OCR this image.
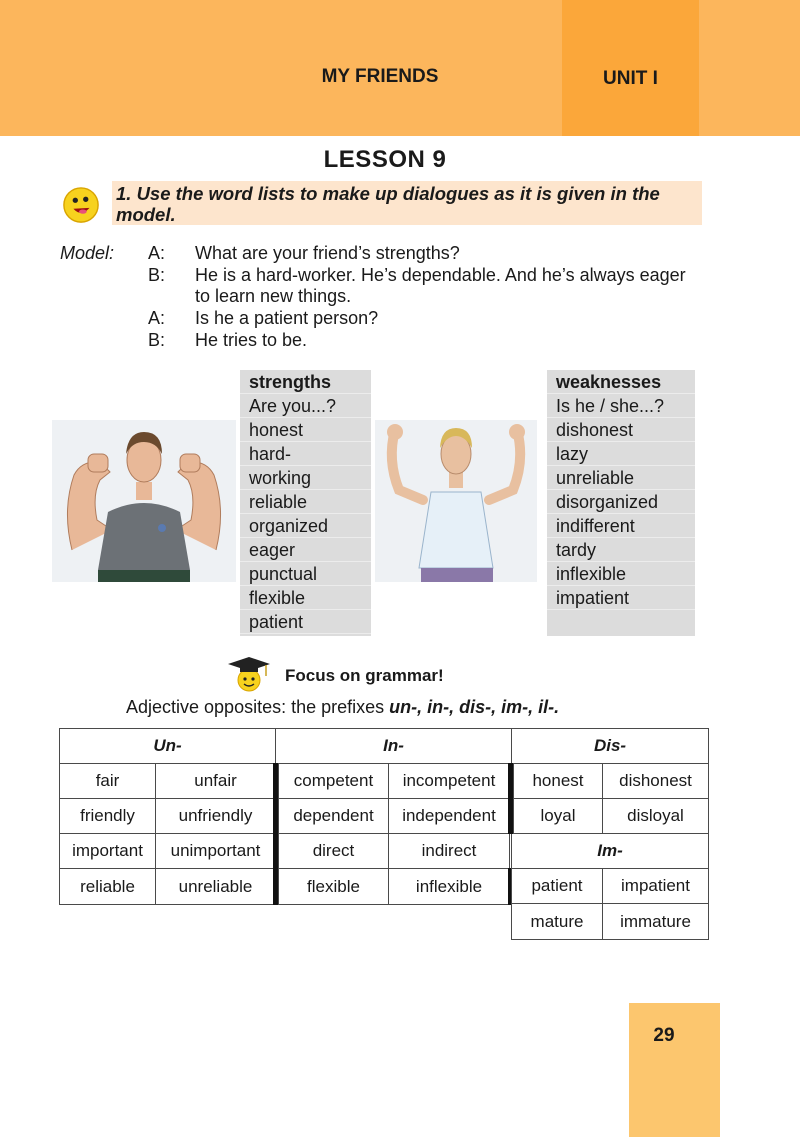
MY FRIENDS	UNIT I
LESSON 9
1. Use the word lists to make up dialogues as it is given in the model.
Model: A:	What are your friend’s strengths?
B:	He is a hard-worker. He’s dependable. And he’s always eager to learn new things.
A:	Is he a patient person?
B:	He tries to be.
strengths
Are you...?
honest
hard-
working
reliable
organized
eager
punctual
flexible
patient
weaknesses
Is he / she...?
dishonest
lazy
unreliable
disorganized
indifferent
tardy
inflexible
impatient
Focus on grammar!
Adjective opposites: the prefixes un-, in-, dis-, im-, il-.
Un-
fair	unfair
friendly	unfriendly
important	unimportant
reliable	unreliable
In-
competent	incompetent
dependent	independent
direct	indirect
flexible	inflexible
Dis-
honest	dishonest
loyal	disloyal
Im-
patient	impatient
mature	immature
29
